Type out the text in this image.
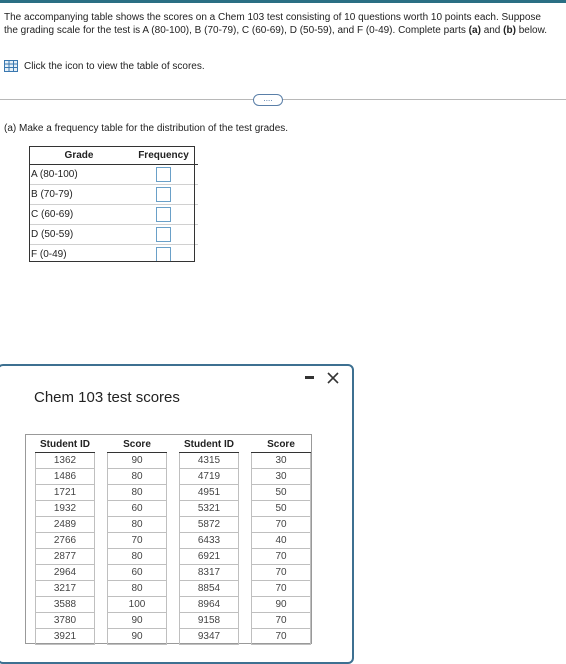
The accompanying table shows the scores on a Chem 103 test consisting of 10 questions worth 10 points each. Suppose the grading scale for the test is A (80-100), B (70-79), C (60-69), D (50-59), and F (0-49). Complete parts (a) and (b) below.
Click the icon to view the table of scores.
....
(a) Make a frequency table for the distribution of the test grades.
Grade	Frequency
A (80-100)	
B (70-79)	
C (60-69)	
D (50-59)	
F (0-49)	
Chem 103 test scores
Student ID		Score		Student ID		Score
1362		90		4315		30
1486		80		4719		30
1721		80		4951		50
1932		60		5321		50
2489		80		5872		70
2766		70		6433		40
2877		80		6921		70
2964		60		8317		70
3217		80		8854		70
3588		100		8964		90
3780		90		9158		70
3921		90		9347		70
